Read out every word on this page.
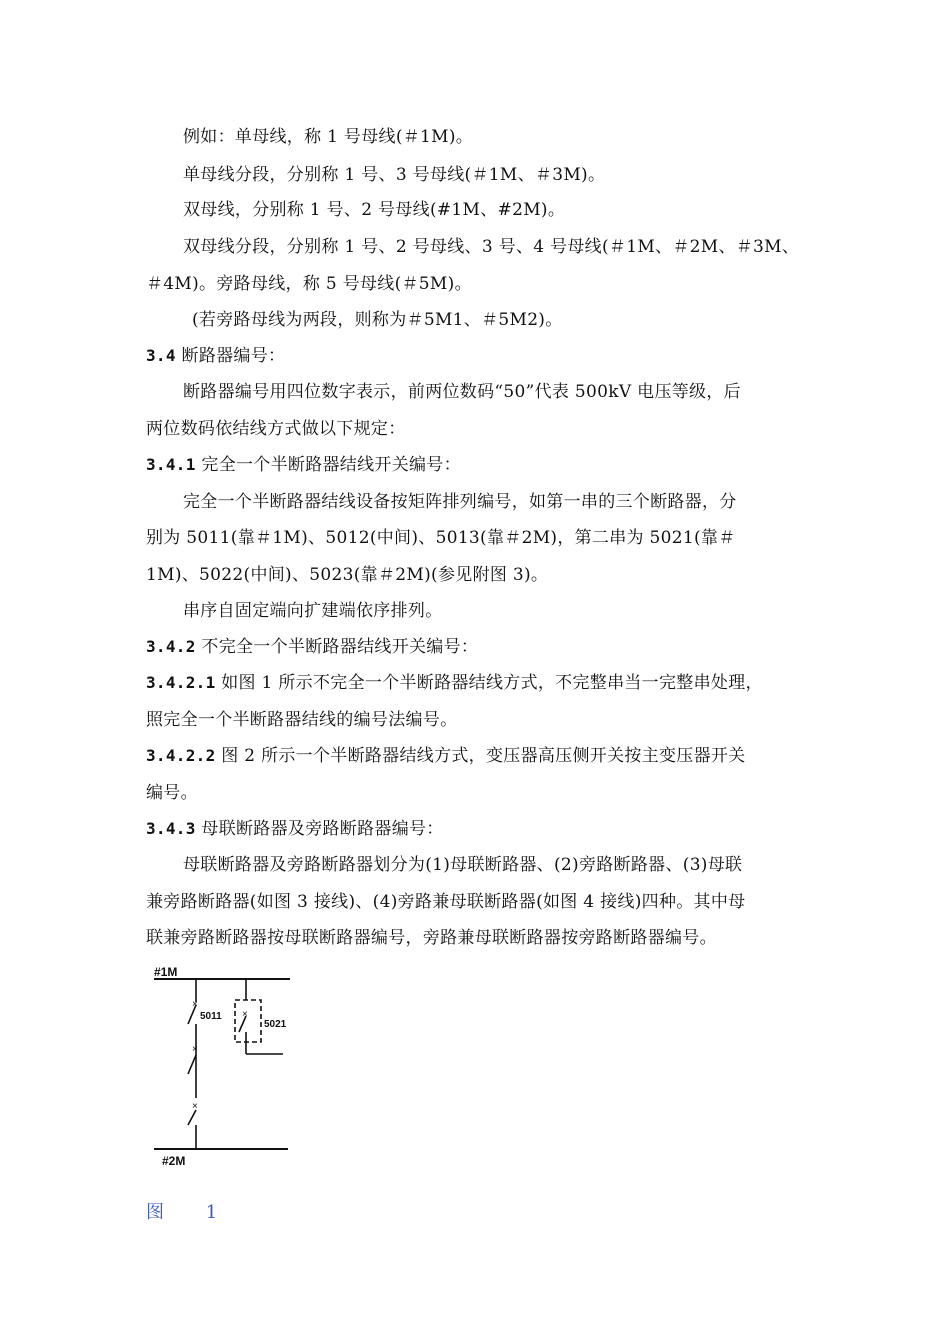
例如：单母线，称 1 号母线(＃1M)。
单母线分段，分别称 1 号、3 号母线(＃1M、＃3M)。
双母线，分别称 1 号、2 号母线(#1M、#2M)。
双母线分段，分别称 1 号、2 号母线、3 号、4 号母线(＃1M、＃2M、＃3M、
＃4M)。旁路母线，称 5 号母线(＃5M)。
(若旁路母线为两段，则称为＃5M1、＃5M2)。
3.4 断路器编号：
断路器编号用四位数字表示，前两位数码“50”代表 500kV 电压等级，后
两位数码依结线方式做以下规定：
3.4.1 完全一个半断路器结线开关编号：
完全一个半断路器结线设备按矩阵排列编号，如第一串的三个断路器，分
别为 5011(靠＃1M)、5012(中间)、5013(靠＃2M)，第二串为 5021(靠＃
1M)、5022(中间)、5023(靠＃2M)(参见附图 3)。
串序自固定端向扩建端依序排列。
3.4.2 不完全一个半断路器结线开关编号：
3.4.2.1 如图 1 所示不完全一个半断路器结线方式，不完整串当一完整串处理，
照完全一个半断路器结线的编号法编号。
3.4.2.2 图 2 所示一个半断路器结线方式，变压器高压侧开关按主变压器开关
编号。
3.4.3 母联断路器及旁路断路器编号：
母联断路器及旁路断路器划分为(1)母联断路器、(2)旁路断路器、(3)母联
兼旁路断路器(如图 3 接线)、(4)旁路兼母联断路器(如图 4 接线)四种。其中母
联兼旁路断路器按母联断路器编号，旁路兼母联断路器按旁路断路器编号。
#1M
#2M
×
×
×
5011 ×
5021
图 1
